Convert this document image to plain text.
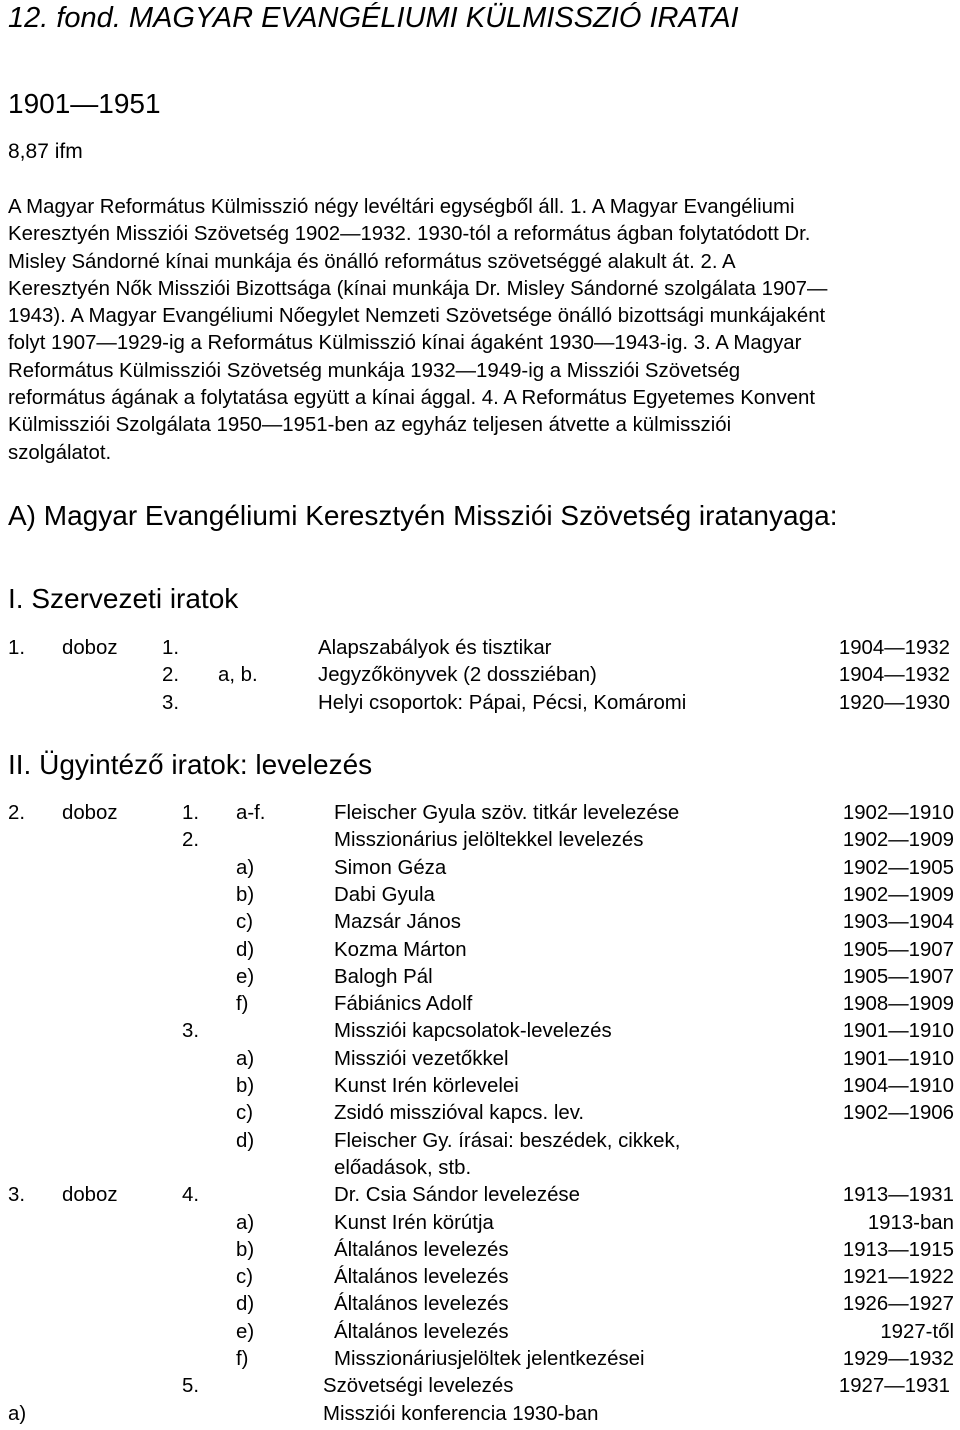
12. fond. MAGYAR EVANGÉLIUMI KÜLMISSZIÓ IRATAI
1901—1951
8,87 ifm

A Magyar Református Külmisszió négy levéltári egységből áll. 1. A Magyar Evangéliumi

Keresztyén Missziói Szövetség 1902—1932. 1930-tól a református ágban folytatódott Dr.

Misley Sándorné kínai munkája és önálló református szövetséggé alakult át. 2. A

Keresztyén Nők Missziói Bizottsága (kínai munkája Dr. Misley Sándorné szolgálata 1907—

1943). A Magyar Evangéliumi Nőegylet Nemzeti Szövetsége önálló bizottsági munkájaként

folyt 1907—1929-ig a Református Külmisszió kínai ágaként 1930—1943-ig. 3. A Magyar

Református Külmissziói Szövetség munkája 1932—1949-ig a Missziói Szövetség

református ágának a folytatása együtt a kínai ággal. 4. A Református Egyetemes Konvent

Külmissziói Szolgálata 1950—1951-ben az egyház teljesen átvette a külmissziói

szolgálatot.

A) Magyar Evangéliumi Keresztyén Missziói Szövetség iratanyaga:
I. Szervezeti iratok
1. doboz 1.	Alapszabályok és tisztikar	1904—1932
2. a, b.	Jegyzőkönyvek (2 dossziéban)	1904—1932
3.	Helyi csoportok: Pápai, Pécsi, Komáromi	1920—1930
II. Ügyintéző iratok: levelezés
2. doboz	1. a-f.	Fleischer Gyula szöv. titkár levelezése	1902—1910
2.	Misszionárius jelöltekkel levelezés	1902—1909
a)	Simon Géza	1902—1905
b)	Dabi Gyula	1902—1909
c)	Mazsár János	1903—1904
d)	Kozma Márton	1905—1907
e)	Balogh Pál	1905—1907
f)	Fábiánics Adolf	1908—1909
3.	Missziói kapcsolatok-levelezés	1901—1910
a)	Missziói vezetőkkel	1901—1910
b)	Kunst Irén körlevelei	1904—1910
c)	Zsidó misszióval kapcs. lev.	1902—1906
d)	Fleischer Gy. írásai: beszédek, cikkek,
előadások, stb.
3. doboz	4.	Dr. Csia Sándor levelezése	1913—1931
a)	Kunst Irén körútja	1913-ban
b)	Általános levelezés	1913—1915
c)	Általános levelezés	1921—1922
d)	Általános levelezés	1926—1927
e)	Általános levelezés	1927-től
f)	Misszionáriusjelöltek jelentkezései	1929—1932
5.	Szövetségi levelezés	1927—1931
a)	Missziói konferencia 1930-ban
